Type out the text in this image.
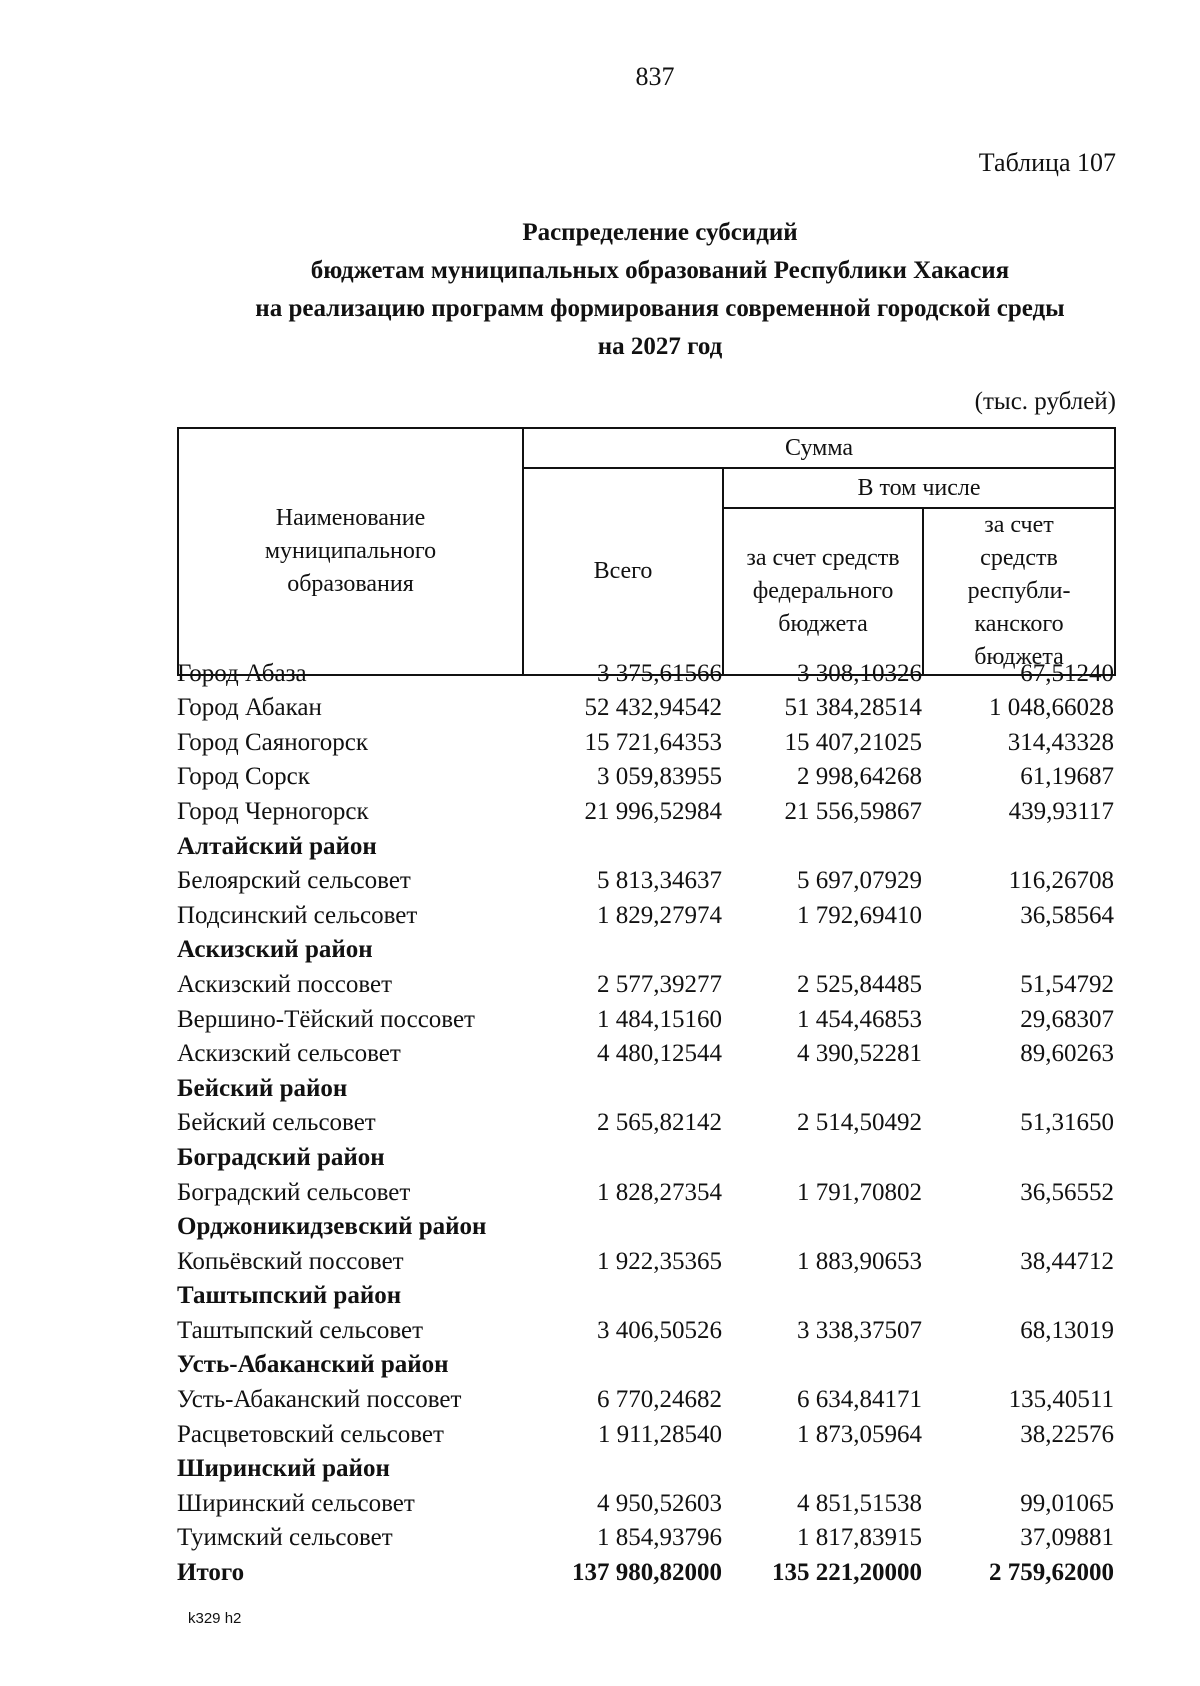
837
Таблица 107
Распределение субсидий
бюджетам муниципальных образований Республики Хакасия
на реализацию программ формирования современной городской среды
на 2027 год
(тыс. рублей)
Наименование муниципального образования	Сумма		
	Всего	В том числе	

		за счет средств федерального бюджета	за счет средств республи-канского бюджета
Город Абаза	3 375,61566	3 308,10326	67,51240
Город Абакан	52 432,94542	51 384,28514	1 048,66028
Город Саяногорск	15 721,64353	15 407,21025	314,43328
Город Сорск	3 059,83955	2 998,64268	61,19687
Город Черногорск	21 996,52984	21 556,59867	439,93117
Алтайский район
Белоярский сельсовет	5 813,34637	5 697,07929	116,26708
Подсинский сельсовет	1 829,27974	1 792,69410	36,58564
Аскизский район
Аскизский поссовет	2 577,39277	2 525,84485	51,54792
Вершино-Тёйский поссовет	1 484,15160	1 454,46853	29,68307
Аскизский сельсовет	4 480,12544	4 390,52281	89,60263
Бейский район
Бейский сельсовет	2 565,82142	2 514,50492	51,31650
Боградский район
Боградский сельсовет	1 828,27354	1 791,70802	36,56552
Орджоникидзевский район
Копьёвский поссовет	1 922,35365	1 883,90653	38,44712
Таштыпский район
Таштыпский сельсовет	3 406,50526	3 338,37507	68,13019
Усть-Абаканский район
Усть-Абаканский поссовет	6 770,24682	6 634,84171	135,40511
Расцветовский сельсовет	1 911,28540	1 873,05964	38,22576
Ширинский район
Ширинский сельсовет	4 950,52603	4 851,51538	99,01065
Туимский сельсовет	1 854,93796	1 817,83915	37,09881
Итого	137 980,82000	135 221,20000	2 759,62000
k329 h2
